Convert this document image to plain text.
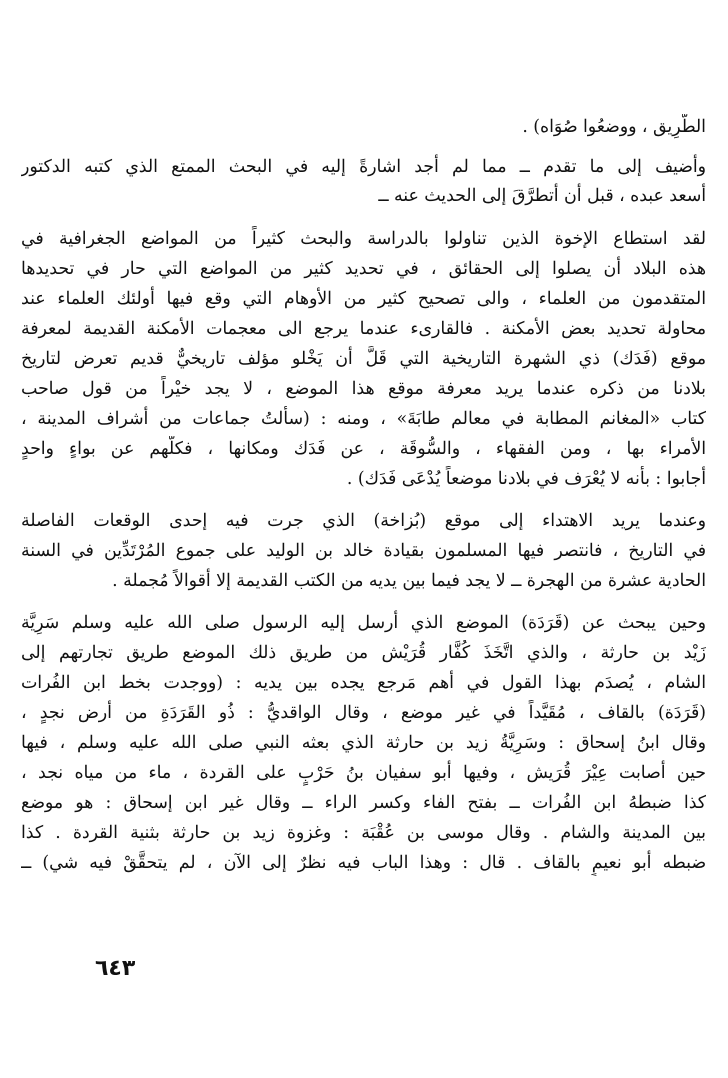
الطَّرِيق ، ووضعُوا صُوَاه) .
وأُضيف إلى ما تقدم ــ مما لم أجد اشارةً إليه في البحث الممتع الذي كتبه الدكتور
أسعد عبده ، قبل أن أتطرَّقَ إلى الحديث عنه ــ
لقد استطاع الإخوة الذين تناولوا بالدراسة والبحث كثيراً من المواضع الجغرافية في
هذه البلاد أن يصلوا إلى الحقائق ، في تحديد كثير من المواضع التي حار في تحديدها
المتقدمون من العلماء ، والى تصحيح كثير من الأوهام التي وقع فيها أولئك العلماء عند
محاولة تحديد بعض الأمكنة . فالقارىء عندما يرجع الى معجمات الأمكنة القديمة لمعرفة
موقع (فَدَك) ذي الشهرة التاريخية التي قَلَّ أن يَخْلو مؤلف تاريخيٌّ قديم تعرض لتاريخ
بلادنا من ذكره عندما يريد معرفة موقع هذا الموضع ، لا يجد خيْراً من قول صاحب
كتاب «المغانم المطابة في معالم طابَةَ» ، ومنه : (سألتُ جماعات من أشراف المدينة ،
الأمراء بها ، ومن الفقهاء ، والسُّوقَة ، عن فَدَك ومكانها ، فكلُّهم عن بواءٍ واحدٍ
أجابوا : بأنه لا يُعْرَف في بلادنا موضعاً يُدْعَى فَدَك) .
وعندما يريد الاهتداء إلى موقع (بُزاخة) الذي جرت فيه إحدى الوقعات الفاصلة
في التاريخ ، فانتصر فيها المسلمون بقيادة خالد بن الوليد على جموع المُرْتَدِّين في السنة
الحادية عشرة من الهجرة ــ لا يجد فيما بين يديه من الكتب القديمة إلا أقوالاً مُجملة .
وحين يبحث عن (قَرَدَة) الموضع الذي أرسل إليه الرسول صلى الله عليه وسلم سَرِيَّة
زَيْد بن حارثة ، والذي اتَّخَذَ كُفَّار قُرَيْش من طريق ذلك الموضع طريق تجارتهم إلى
الشام ، يُصدَم بهذا القول في أهم مَرجع يجده بين يديه : (ووجدت بخط ابن الفُرات
(قَرَدَة) بالقاف ، مُقَيَّداً في غير موضع ، وقال الواقديُّ : ذُو القَرَدَةِ من أرض نجدٍ ،
وقال ابنُ إسحاق : وسَرِيَّةُ زيد بن حارثة الذي بعثه النبي صلى الله عليه وسلم ، فيها
حين أصابت عِيْرَ قُرَيش ، وفيها أبو سفيان بنُ حَرْبٍ على القردة ، ماء من مياه نجد ،
كذا ضبطهُ ابن الفُرات ــ بفتح الفاء وكسر الراء ــ وقال غير ابن إسحاق : هو موضع
بين المدينة والشام . وقال موسى بن عُقْبَة : وغزوة زيد بن حارثة بثنية القردة . كذا
ضبطه أبو نعيمٍ بالقاف . قال : وهذا الباب فيه نظرٌ إلى الآن ، لم يتحقَّقْ فيه شي) ــ
٦٤٣
